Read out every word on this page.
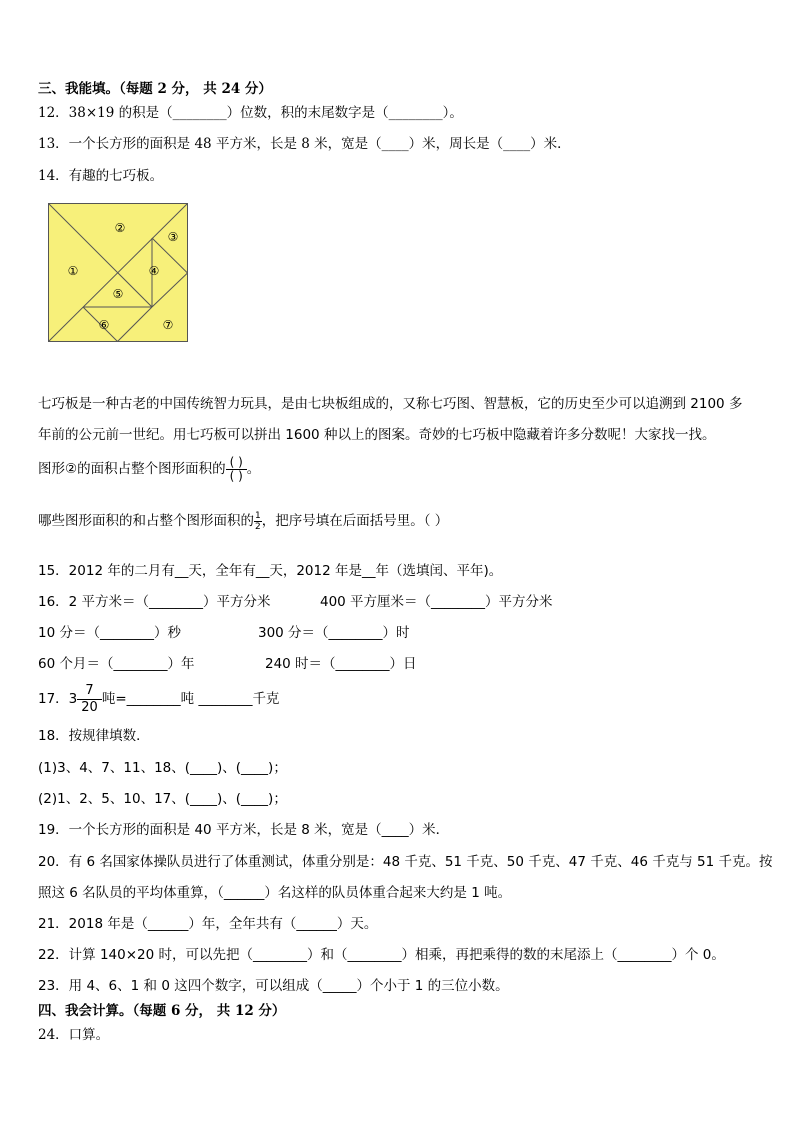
三、我能填。（每题 2 分， 共 24 分）
12．38×19 的积是（________）位数，积的末尾数字是（________）。
13．一个长方形的面积是 48 平方米，长是 8 米，宽是（____）米，周长是（____）米．
14．有趣的七巧板。
①
②
③
④
⑤
⑥	⑦
七巧板是一种古老的中国传统智力玩具，是由七块板组成的，又称七巧图、智慧板，它的历史至少可以追溯到 2100 多
年前的公元前一世纪。用七巧板可以拼出 1600 种以上的图案。奇妙的七巧板中隐藏着许多分数呢！大家找一找。
图形②的面积占整个图形面积的 $\frac{( )}{( )}$ 。
哪些图形面积的和占整个图形面积的 $\frac{1}{2}$ ，把序号填在后面括号里。（ ）
15．2012 年的二月有__天，全年有__天，2012 年是__年（选填闰、平年)。
16．2 平方米＝（________）平方分米	400 平方厘米＝（________）平方分米
10 分＝（________）秒	300 分＝（________）时
60 个月＝（________）年	240 时＝（________）日
17．$3 \frac{7}{20}$ 吨=________吨 ________千克
18．按规律填数．
(1)3、4、7、11、18、(____)、(____)；
(2)1、2、5、10、17、(____)、(____)；
19．一个长方形的面积是 40 平方米，长是 8 米，宽是（____）米．
20．有 6 名国家体操队员进行了体重测试，体重分别是：48 千克、51 千克、50 千克、47 千克、46 千克与 51 千克。按
照这 6 名队员的平均体重算，（______）名这样的队员体重合起来大约是 1 吨。
21．2018 年是（______）年，全年共有（______）天。
22．计算 140×20 时，可以先把（________）和（________）相乘，再把乘得的数的末尾添上（________）个 0。
23．用 4、6、1 和 0 这四个数字，可以组成（_____）个小于 1 的三位小数。
四、我会计算。（每题 6 分， 共 12 分）
24．口算。
